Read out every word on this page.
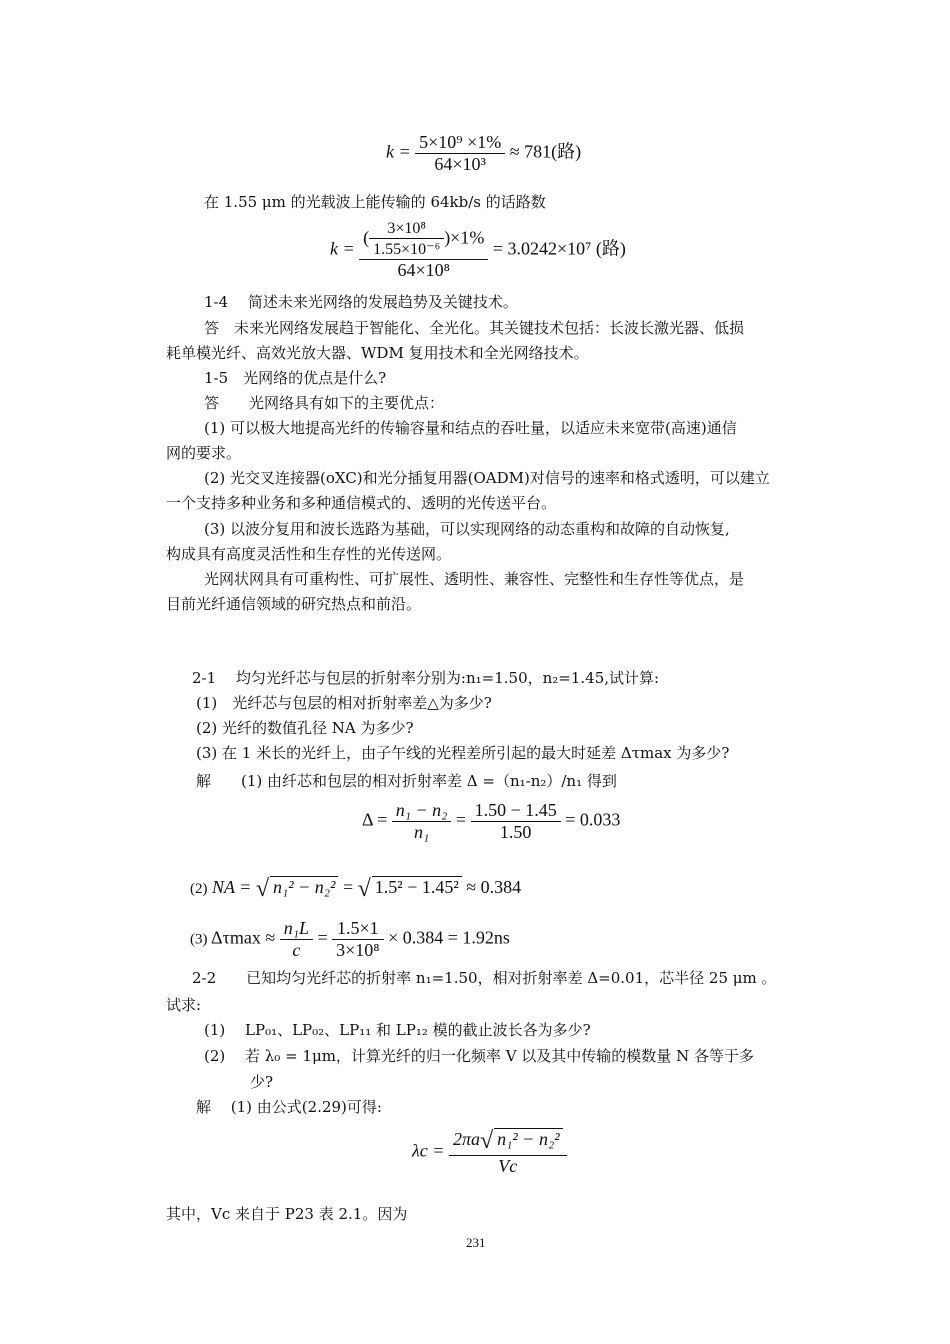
$k = \frac{\text{5×10⁹ ×1\%}}{\text{64×10³}} \approx 781$(路)
在 1.55 μm 的光载波上能传输的 64kb/s 的话路数
$k = \frac{( \frac{\text{3×10⁸}}{\text{1.55×10⁻⁶}} )\times 1\%}{\text{64×10⁸}} = 3.0242\times 10^7$ (路)
1-4　 简述未来光网络的发展趋势及关键技术。
答　未来光网络发展趋于智能化、全光化。其关键技术包括：长波长激光器、低损
耗单模光纤、高效光放大器、WDM 复用技术和全光网络技术。
1-5　光网络的优点是什么?
答　　光网络具有如下的主要优点：
(1) 可以极大地提高光纤的传输容量和结点的吞吐量，以适应未来宽带(高速)通信
网的要求。
(2) 光交叉连接器(oXC)和光分插复用器(OADM)对信号的速率和格式透明，可以建立
一个支持多种业务和多种通信模式的、透明的光传送平台。
(3) 以波分复用和波长选路为基础，可以实现网络的动态重构和故障的自动恢复,
构成具有高度灵活性和生存性的光传送网。
光网状网具有可重构性、可扩展性、透明性、兼容性、完整性和生存性等优点，是
目前光纤通信领域的研究热点和前沿。
2-1　 均匀光纤芯与包层的折射率分别为:n₁=1.50，n₂=1.45,试计算:
(1)　光纤芯与包层的相对折射率差△为多少?
(2) 光纤的数值孔径 NA 为多少?
(3) 在 1 米长的光纤上，由子午线的光程差所引起的最大时延差 Δτmax 为多少?
解　　(1) 由纤芯和包层的相对折射率差 Δ =（n₁-n₂）/n₁ 得到
$\Delta = \frac{\text{n₁ − n₂}}{\text{n₁}} = \frac{1.50 - 1.45}{1.50} = 0.033$
(2) NA = √ n₁² − n₂² = √ 1.5² − 1.45² ≈ 0.384
(3) $\Delta\tau\max \approx \frac{\text{n₁L}}{c} = \frac{1.5\times 1}{\text{3×10⁸}} \times 0.384 = 1.92ns$
2-2　　已知均匀光纤芯的折射率 n₁=1.50，相对折射率差 Δ=0.01，芯半径 25 μm 。
试求:
(1)　 LP₀₁、LP₀₂、LP₁₁ 和 LP₁₂ 模的截止波长各为多少?
(2)　 若 λ₀ = 1μm，计算光纤的归一化频率 V 以及其中传输的模数量 N 各等于多
少?
解　 (1) 由公式(2.29)可得:
$\lambda c = \frac{\text{2πa√ n₁² − n₂²}}{Vc}$
其中，Vc 来自于 P23 表 2.1。因为
231
